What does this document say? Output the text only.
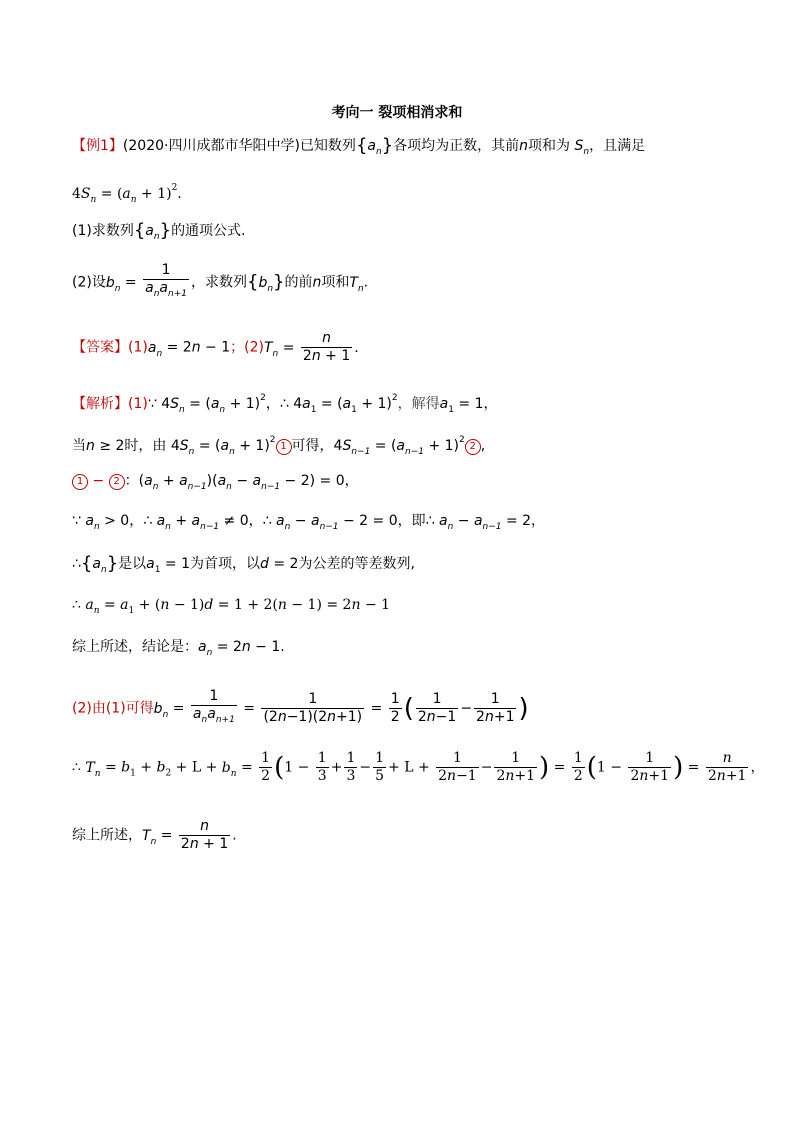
考向一 裂项相消求和
【例1】(2020·四川成都市华阳中学)已知数列$\{a_n\}$各项均为正数，其前n项和为 $S_n$，且满足
$4S_n = (a_n + 1)^2$.
(1)求数列$\{a_n\}$的通项公式.
(2)设$b_n = \frac{1}{a_na_{n+1}}$ ，求数列$\{b_n\}$的前n项和$T_n$.
【答案】$(1)a_n = 2n - 1$；$(2)T_n = \frac{n}{2n + 1}$ .
【解析】(1)∵ $4S_n = (a_n + 1)^2$，∴ $4a_1 = (a_1 + 1)^2$，解得$a_1 = 1$，
当n ≥ 2时，由 $4S_n = (a_n + 1)^21$ 可得，$4S_{n-1} = (a_{n-1} + 1)^22$ ,
1 − 2 ：$(a_n + a_{n-1})(a_n - a_{n-1} - 2) = 0$，
∵ $a_n > 0$，∴ $a_n + a_{n-1} \ne 0$，∴ $a_n - a_{n-1} - 2 = 0$，即∴ $a_n - a_{n-1} = 2$，
$\therefore\{a_n\}$是以$a_1 = 1$为首项，以d = 2为公差的等差数列,
∴ $a_n = a_1 + (n - 1)d = 1 + 2(n - 1) = 2n - 1$
综上所述，结论是：$a_n = 2n - 1$.
(2)由(1)可得$b_n = \frac{1}{a_na_{n+1}} = \frac{1}{(2n-1)(2n+1)} = \frac{1}{2}$ ( $\frac{1}{2n-1} - \frac{1}{2n+1}$ )
∴ $T_n = b_1 + b_2 + L + b_n = \frac{1}{2} (1 - \frac{1}{3} + \frac{1}{3} - \frac{1}{5} + L + \frac{1}{2n-1} - \frac{1}{2n+1}$ ) = $\frac{1}{2} (1 - \frac{1}{2n+1}$ ) = $\frac{n}{2n+1}$ ，
综上所述，$T_n = \frac{n}{2n + 1}$ .
